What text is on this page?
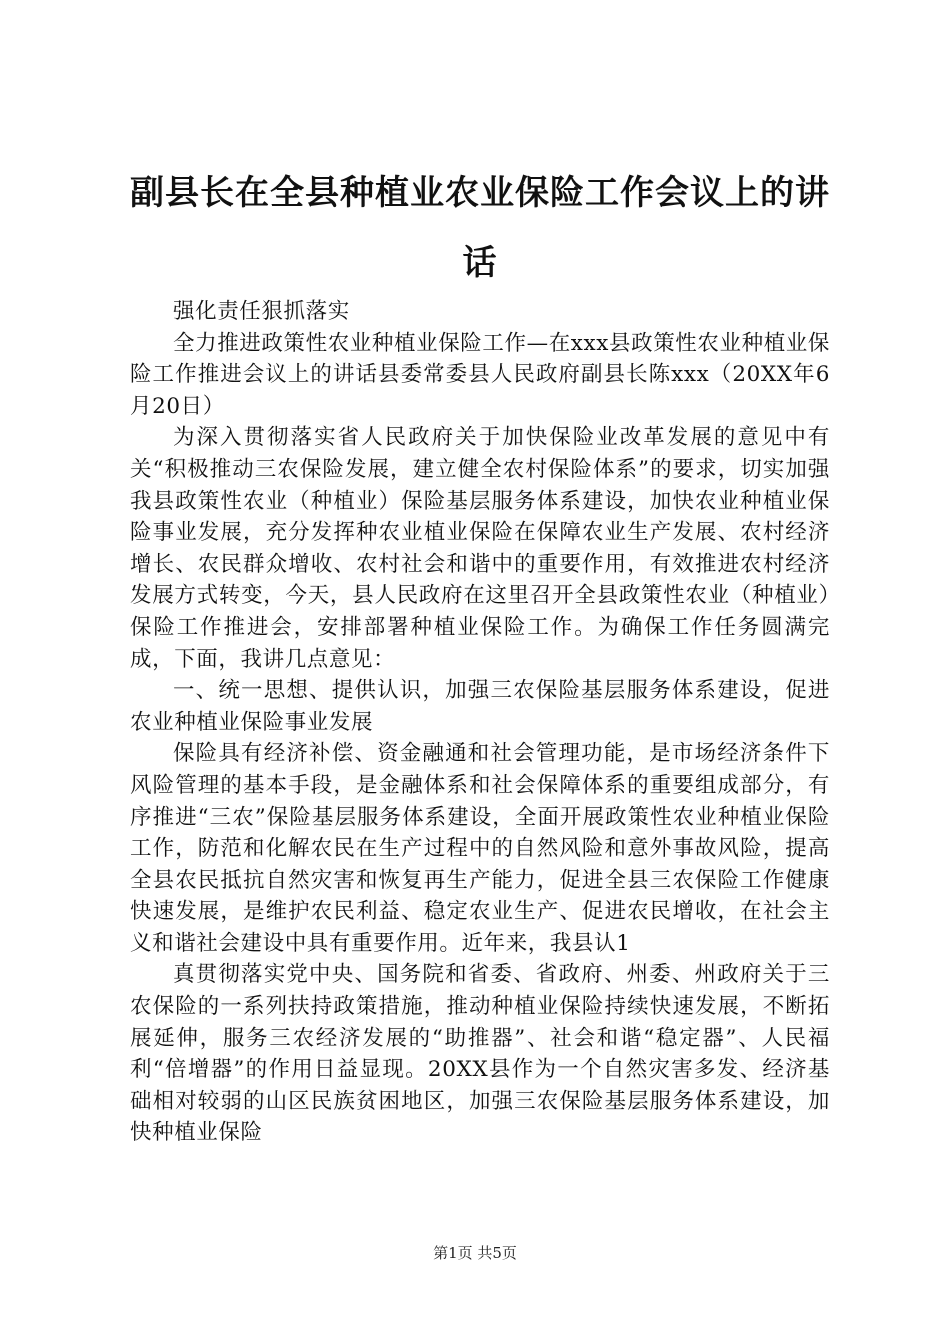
副县长在全县种植业农业保险工作会议上的讲话

强化责任狠抓落实

全力推进政策性农业种植业保险工作—在xxx县政策性农业种植业保险工作推进会议上的讲话县委常委县人民政府副县长陈xxx（20XX年6月20日）

为深入贯彻落实省人民政府关于加快保险业改革发展的意见中有关“积极推动三农保险发展，建立健全农村保险体系”的要求，切实加强我县政策性农业（种植业）保险基层服务体系建设，加快农业种植业保险事业发展，充分发挥种农业植业保险在保障农业生产发展、农村经济增长、农民群众增收、农村社会和谐中的重要作用，有效推进农村经济发展方式转变，今天，县人民政府在这里召开全县政策性农业（种植业）保险工作推进会，安排部署种植业保险工作。为确保工作任务圆满完成，下面，我讲几点意见：

一、统一思想、提供认识，加强三农保险基层服务体系建设，促进农业种植业保险事业发展

保险具有经济补偿、资金融通和社会管理功能，是市场经济条件下风险管理的基本手段，是金融体系和社会保障体系的重要组成部分，有序推进“三农”保险基层服务体系建设，全面开展政策性农业种植业保险工作，防范和化解农民在生产过程中的自然风险和意外事故风险，提高全县农民抵抗自然灾害和恢复再生产能力，促进全县三农保险工作健康快速发展，是维护农民利益、稳定农业生产、促进农民增收，在社会主义和谐社会建设中具有重要作用。近年来，我县认1

真贯彻落实党中央、国务院和省委、省政府、州委、州政府关于三农保险的一系列扶持政策措施，推动种植业保险持续快速发展，不断拓展延伸，服务三农经济发展的“助推器”、社会和谐“稳定器”、人民福利“倍增器”的作用日益显现。20XX县作为一个自然灾害多发、经济基础相对较弱的山区民族贫困地区，加强三农保险基层服务体系建设，加快种植业保险

第1页 共5页
